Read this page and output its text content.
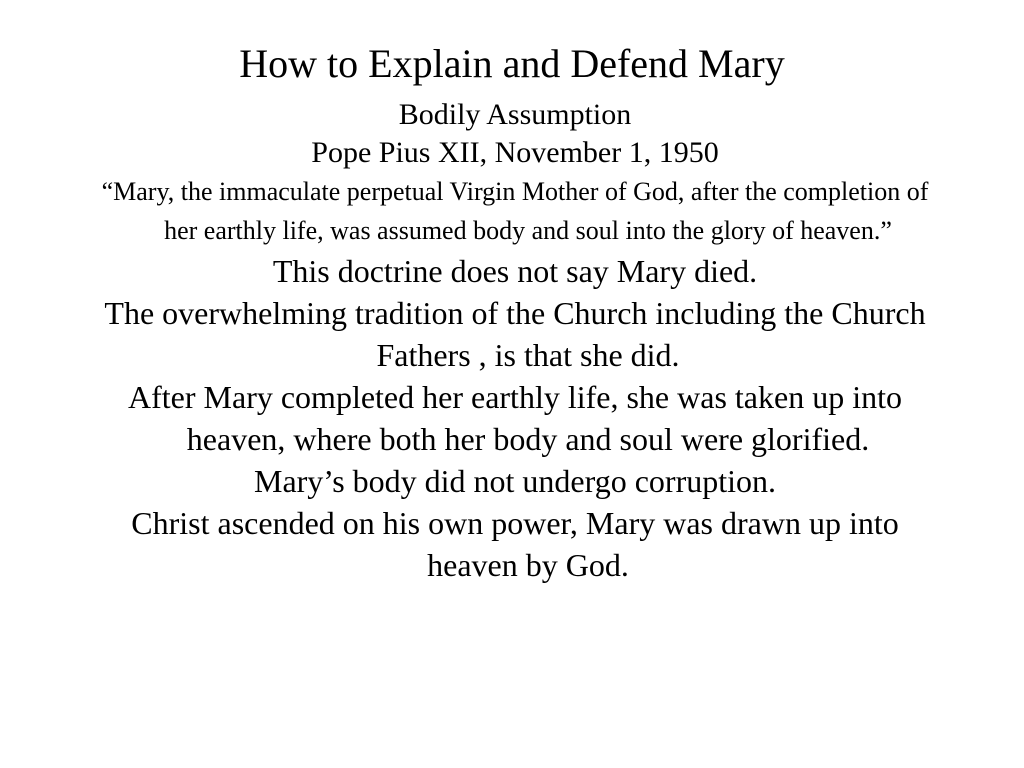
How to Explain and Defend Mary

Bodily Assumption

Pope Pius XII, November 1, 1950

“Mary, the immaculate perpetual Virgin Mother of God, after the completion of her earthly life, was assumed body and soul into the glory of heaven.”

This doctrine does not say Mary died.

The overwhelming tradition of the Church including the Church Fathers , is that she did.

After Mary completed her earthly life, she was taken up into heaven, where both her body and soul were glorified.

Mary’s body did not undergo corruption.

Christ ascended on his own power, Mary was drawn up into heaven by God.
